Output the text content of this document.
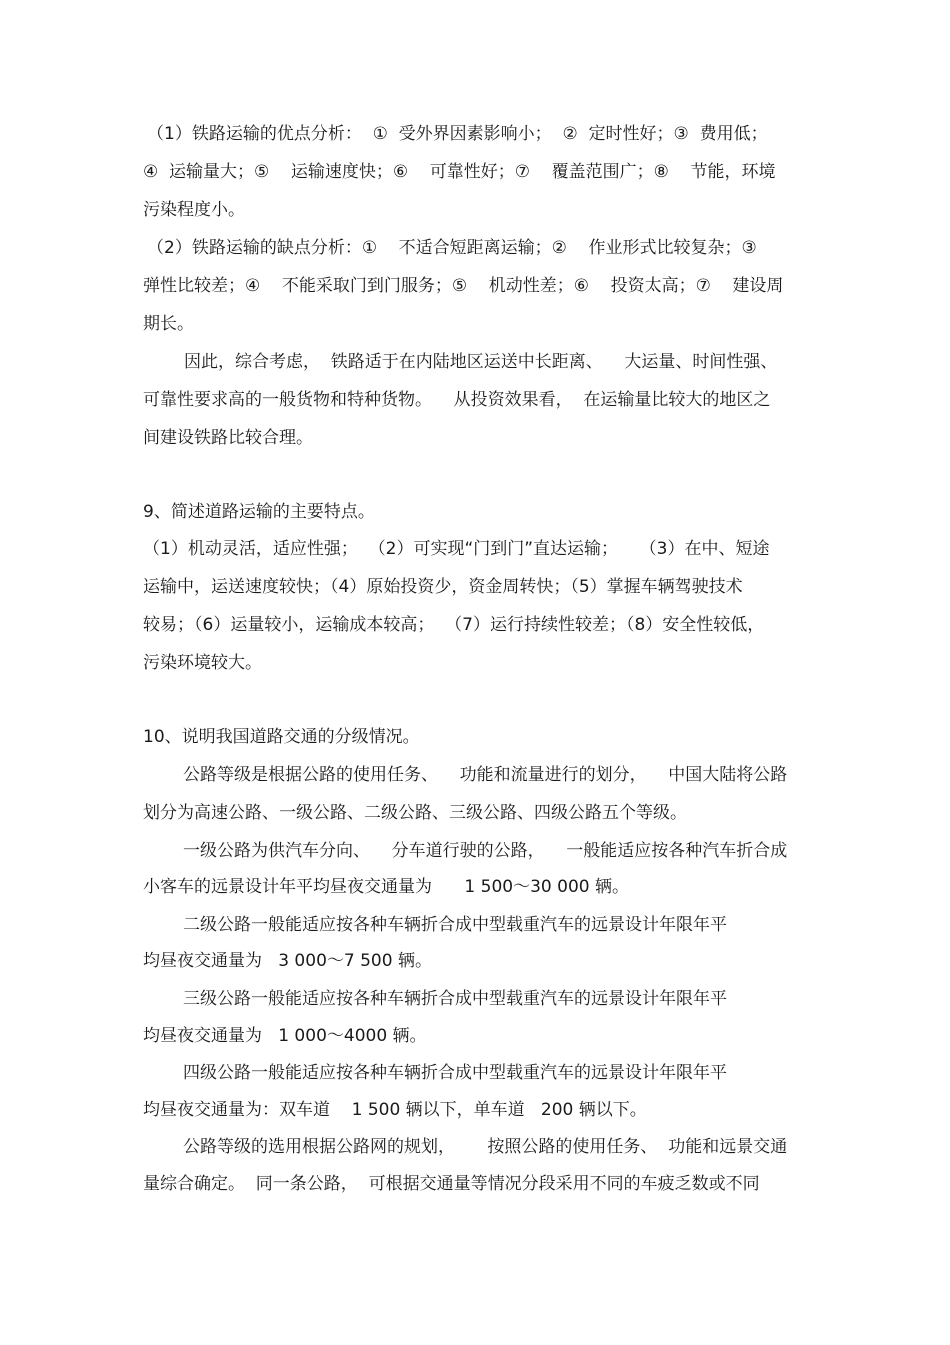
（1）铁路运输的优点分析：  ①  受外界因素影响小；  ②  定时性好；③  费用低；
④  运输量大；⑤    运输速度快；⑥    可靠性好；⑦    覆盖范围广；⑧    节能，环境
污染程度小。
（2）铁路运输的缺点分析：①    不适合短距离运输；②    作业形式比较复杂；③
弹性比较差；④    不能采取门到门服务；⑤    机动性差；⑥    投资太高；⑦    建设周
期长。
因此，综合考虑，  铁路适于在内陆地区运送中长距离、    大运量、时间性强、
可靠性要求高的一般货物和特种货物。    从投资效果看，  在运输量比较大的地区之
间建设铁路比较合理。
9、简述道路运输的主要特点。
（1）机动灵活，适应性强；  （2）可实现“门到门”直达运输；    （3）在中、短途
运输中，运送速度较快；（4）原始投资少，资金周转快；（5）掌握车辆驾驶技术
较易；（6）运量较小，运输成本较高；  （7）运行持续性较差；（8）安全性较低，
污染环境较大。
10、说明我国道路交通的分级情况。
公路等级是根据公路的使用任务、    功能和流量进行的划分，    中国大陆将公路
划分为高速公路、一级公路、二级公路、三级公路、四级公路五个等级。
一级公路为供汽车分向、    分车道行驶的公路，    一般能适应按各种汽车折合成
小客车的远景设计年平均昼夜交通量为      1 500～30 000 辆。
二级公路一般能适应按各种车辆折合成中型载重汽车的远景设计年限年平
均昼夜交通量为   3 000～7 500 辆。
三级公路一般能适应按各种车辆折合成中型载重汽车的远景设计年限年平
均昼夜交通量为   1 000～4000 辆。
四级公路一般能适应按各种车辆折合成中型载重汽车的远景设计年限年平
均昼夜交通量为：双车道    1 500 辆以下，单车道   200 辆以下。
公路等级的选用根据公路网的规划，      按照公路的使用任务、  功能和远景交通
量综合确定。  同一条公路，  可根据交通量等情况分段采用不同的车疲乏数或不同
